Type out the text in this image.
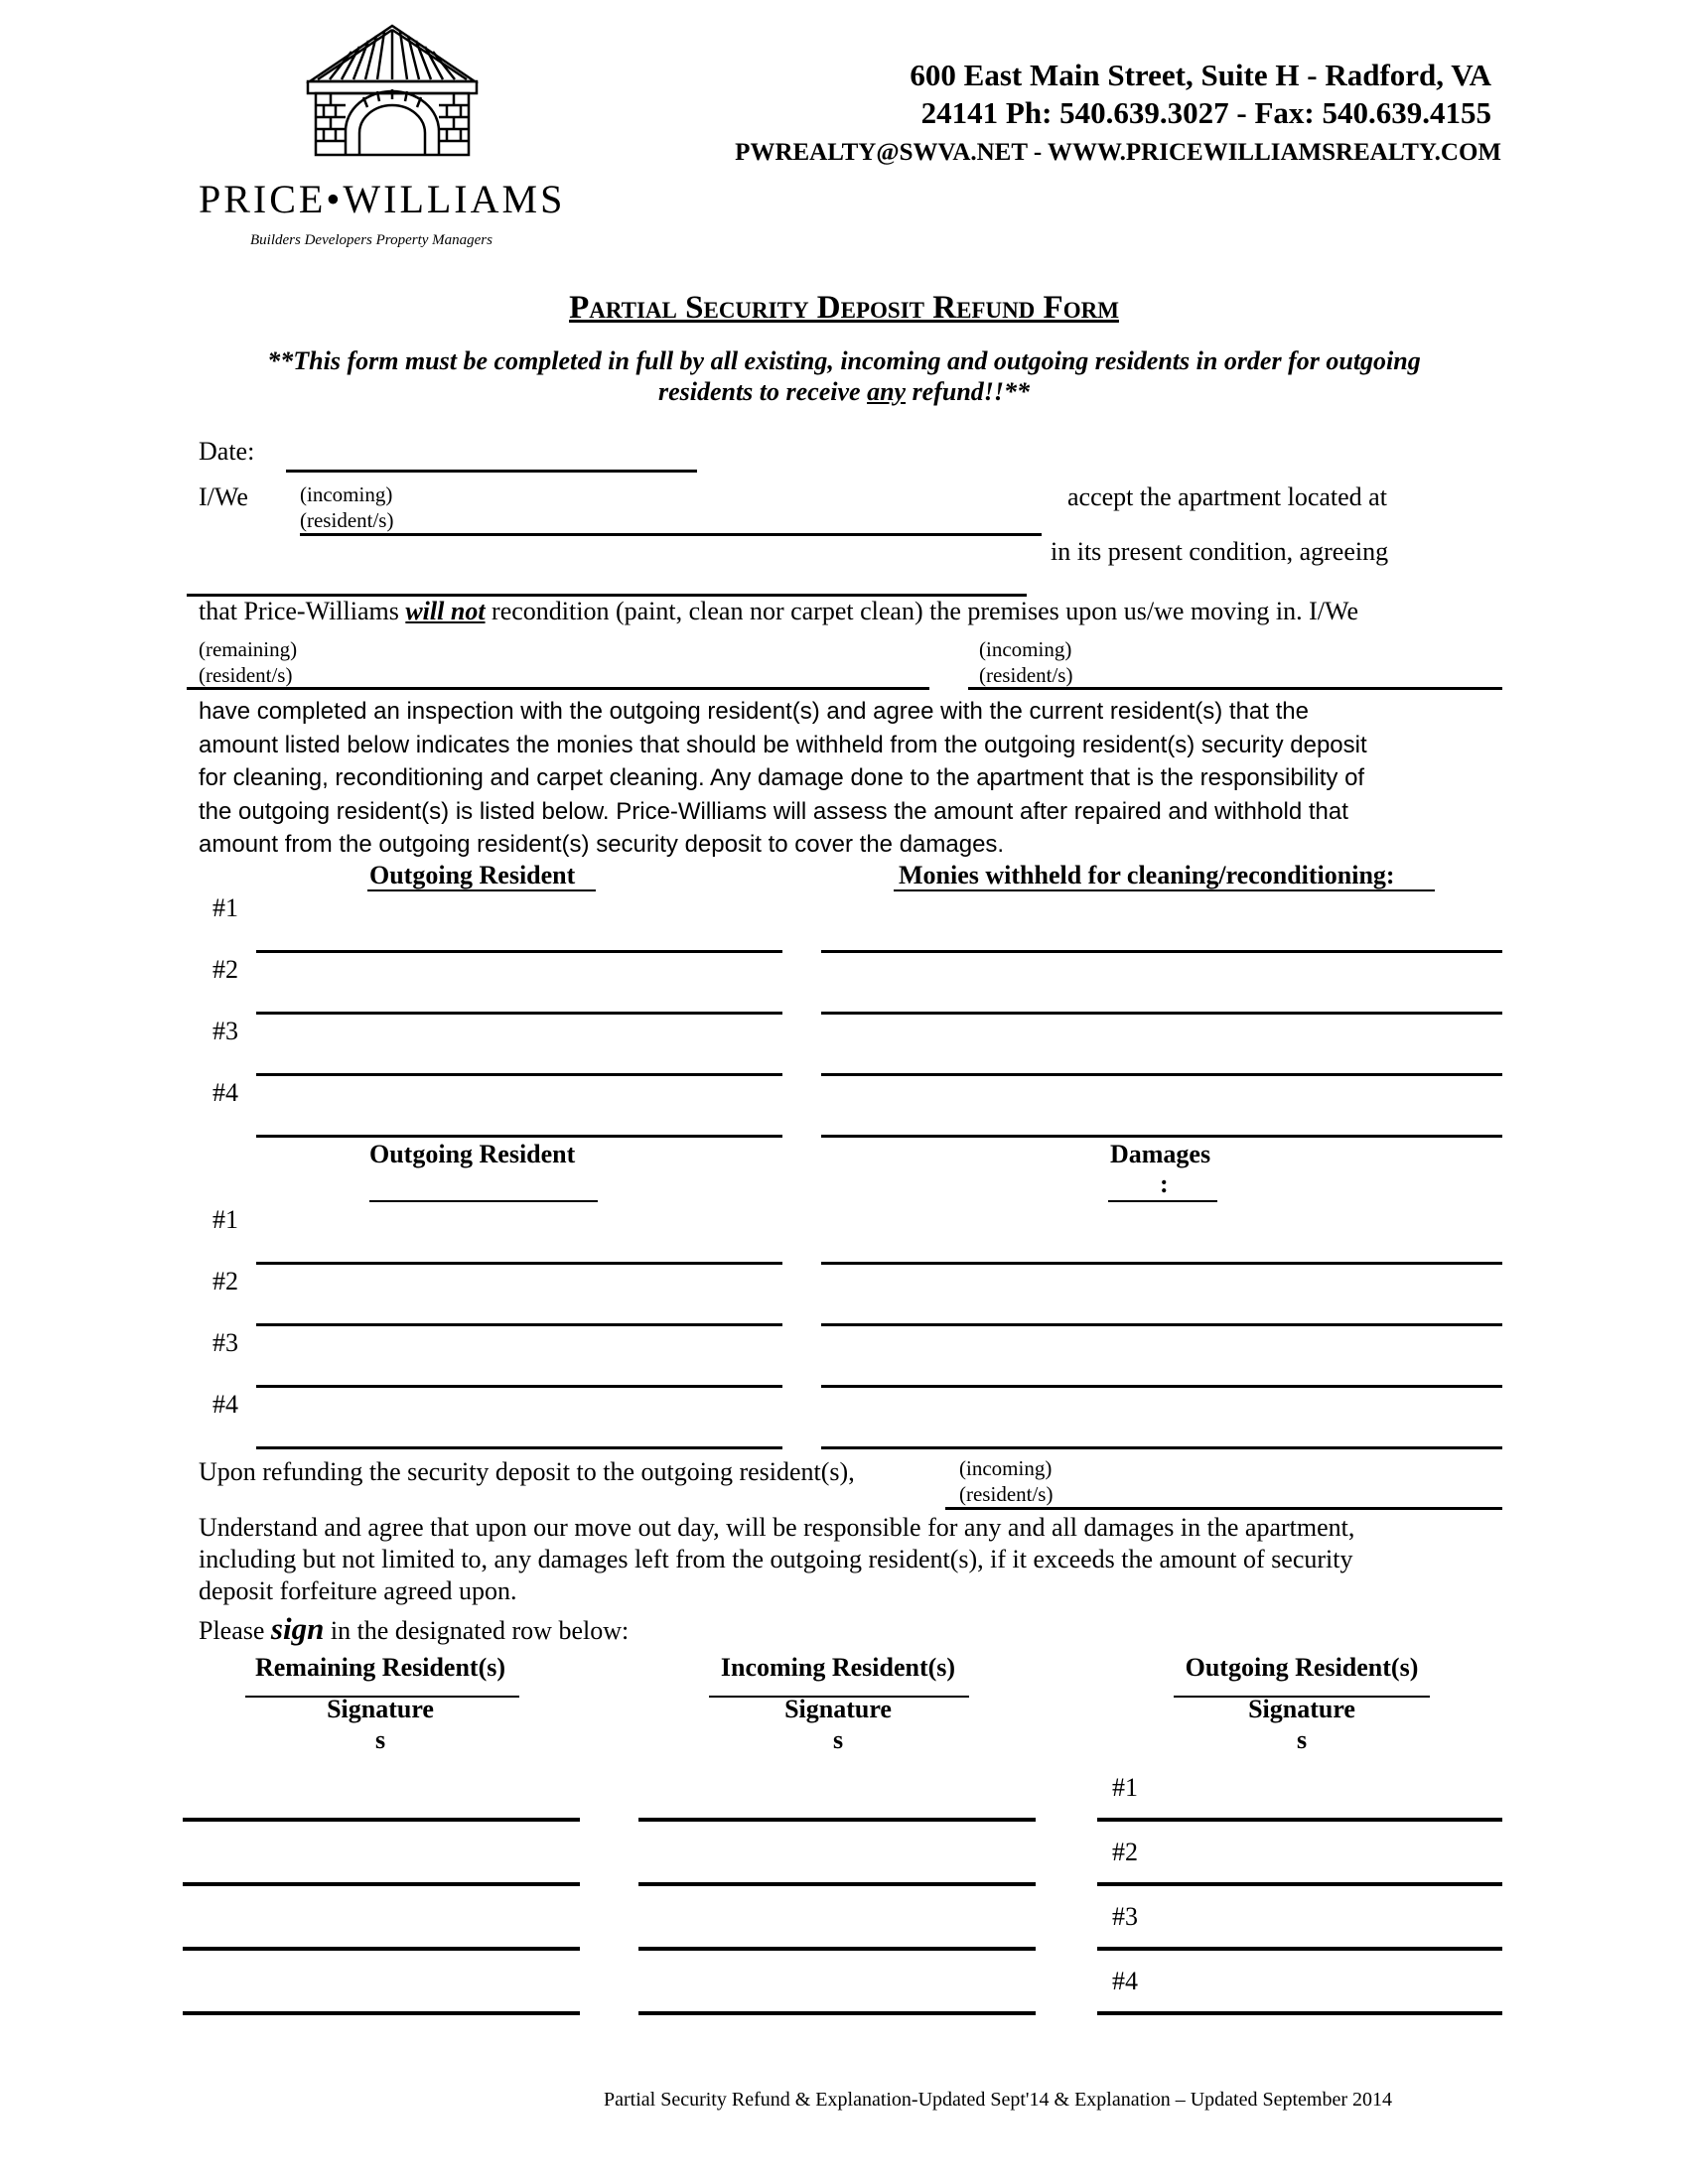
PRICE•WILLIAMS
Builders Developers Property Managers
600 East Main Street, Suite H - Radford, VA
24141 Ph: 540.639.3027 - Fax: 540.639.4155
PWREALTY@SWVA.NET - WWW.PRICEWILLIAMSREALTY.COM
Partial Security Deposit Refund Form
**This form must be completed in full by all existing, incoming and outgoing residents in order for outgoing
residents to receive any refund!!**
Date:
I/We (incoming)
(resident/s)
accept the apartment located at
in its present condition, agreeing
that Price-Williams will not recondition (paint, clean nor carpet clean) the premises upon us/we moving in. I/We
(remaining)
(resident/s)
(incoming)
(resident/s)
have completed an inspection with the outgoing resident(s) and agree with the current resident(s) that the
amount listed below indicates the monies that should be withheld from the outgoing resident(s) security deposit
for cleaning, reconditioning and carpet cleaning. Any damage done to the apartment that is the responsibility of
the outgoing resident(s) is listed below. Price-Williams will assess the amount after repaired and withhold that
amount from the outgoing resident(s) security deposit to cover the damages.
Outgoing Resident	Monies withheld for cleaning/reconditioning:
#1
#2
#3
#4
Outgoing Resident	Damages
:
#1
#2
#3
#4
Upon refunding the security deposit to the outgoing resident(s),	(incoming)
(resident/s)
Understand and agree that upon our move out day, will be responsible for any and all damages in the apartment,
including but not limited to, any damages left from the outgoing resident(s), if it exceeds the amount of security
deposit forfeiture agreed upon.
Please sign in the designated row below:
Remaining Resident(s)
Signature
s
Incoming Resident(s)
Signature
s
Outgoing Resident(s)
Signature
s
#1
#2
#3
#4
Partial Security Refund & Explanation-Updated Sept'14 & Explanation – Updated September 2014
